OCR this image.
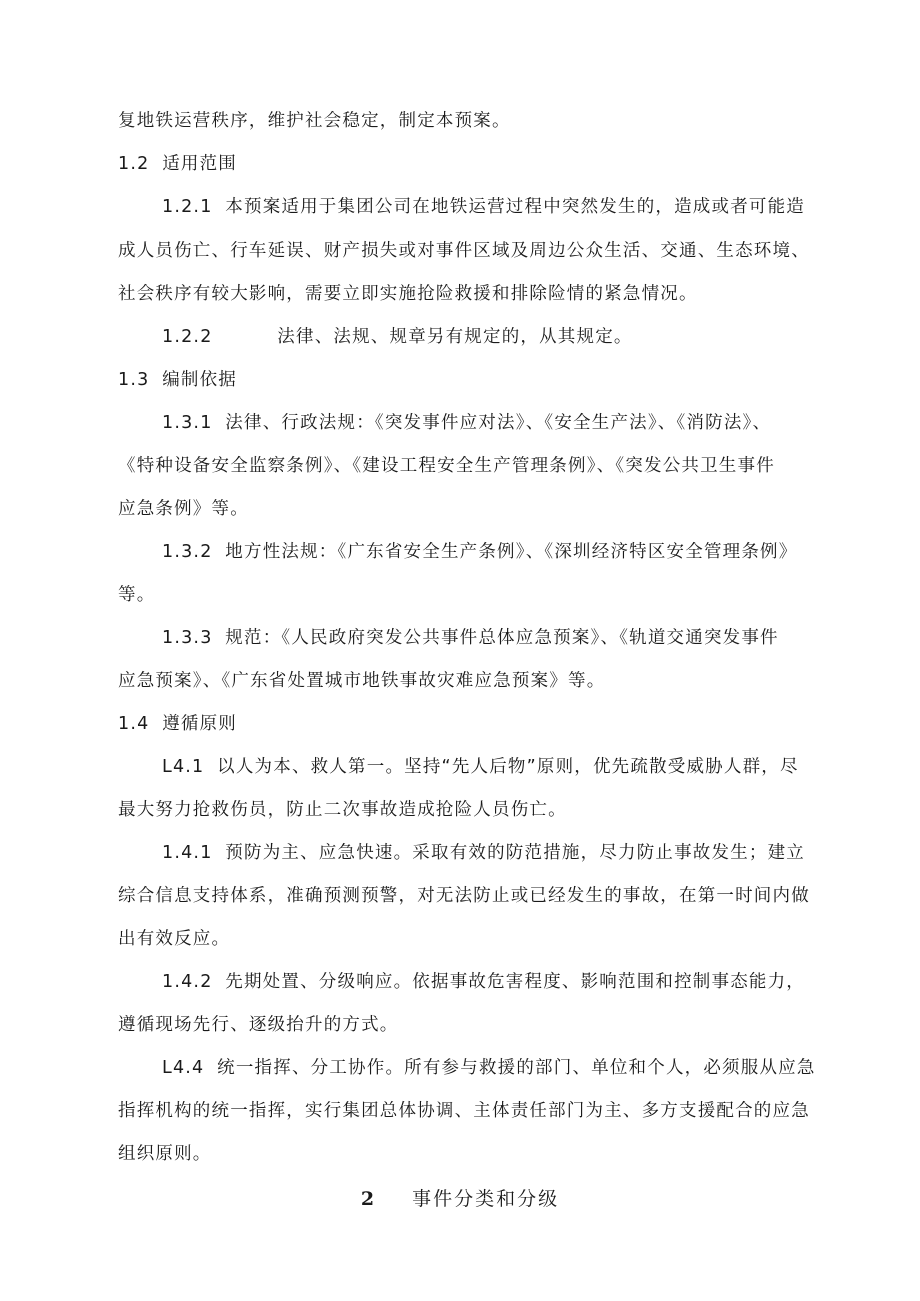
复地铁运营秩序，维护社会稳定，制定本预案。
1.2 适用范围
1.2.1 本预案适用于集团公司在地铁运营过程中突然发生的，造成或者可能造
成人员伤亡、行车延误、财产损失或对事件区域及周边公众生活、交通、生态环境、
社会秩序有较大影响，需要立即实施抢险救援和排除险情的紧急情况。
1.2.2	法律、法规、规章另有规定的，从其规定。
1.3 编制依据
1.3.1 法律、行政法规：《突发事件应对法》、《安全生产法》、《消防法》、
《特种设备安全监察条例》、《建设工程安全生产管理条例》、《突发公共卫生事件
应急条例》等。
1.3.2 地方性法规：《广东省安全生产条例》、《深圳经济特区安全管理条例》
等。
1.3.3 规范：《人民政府突发公共事件总体应急预案》、《轨道交通突发事件
应急预案》、《广东省处置城市地铁事故灾难应急预案》等。
1.4 遵循原则
L4.1 以人为本、救人第一。坚持“先人后物”原则，优先疏散受威胁人群，尽
最大努力抢救伤员，防止二次事故造成抢险人员伤亡。
1.4.1 预防为主、应急快速。采取有效的防范措施，尽力防止事故发生；建立
综合信息支持体系，准确预测预警，对无法防止或已经发生的事故，在第一时间内做
出有效反应。
1.4.2 先期处置、分级响应。依据事故危害程度、影响范围和控制事态能力，
遵循现场先行、逐级抬升的方式。
L4.4 统一指挥、分工协作。所有参与救援的部门、单位和个人，必须服从应急
指挥机构的统一指挥，实行集团总体协调、主体责任部门为主、多方支援配合的应急
组织原则。
2 事件分类和分级
